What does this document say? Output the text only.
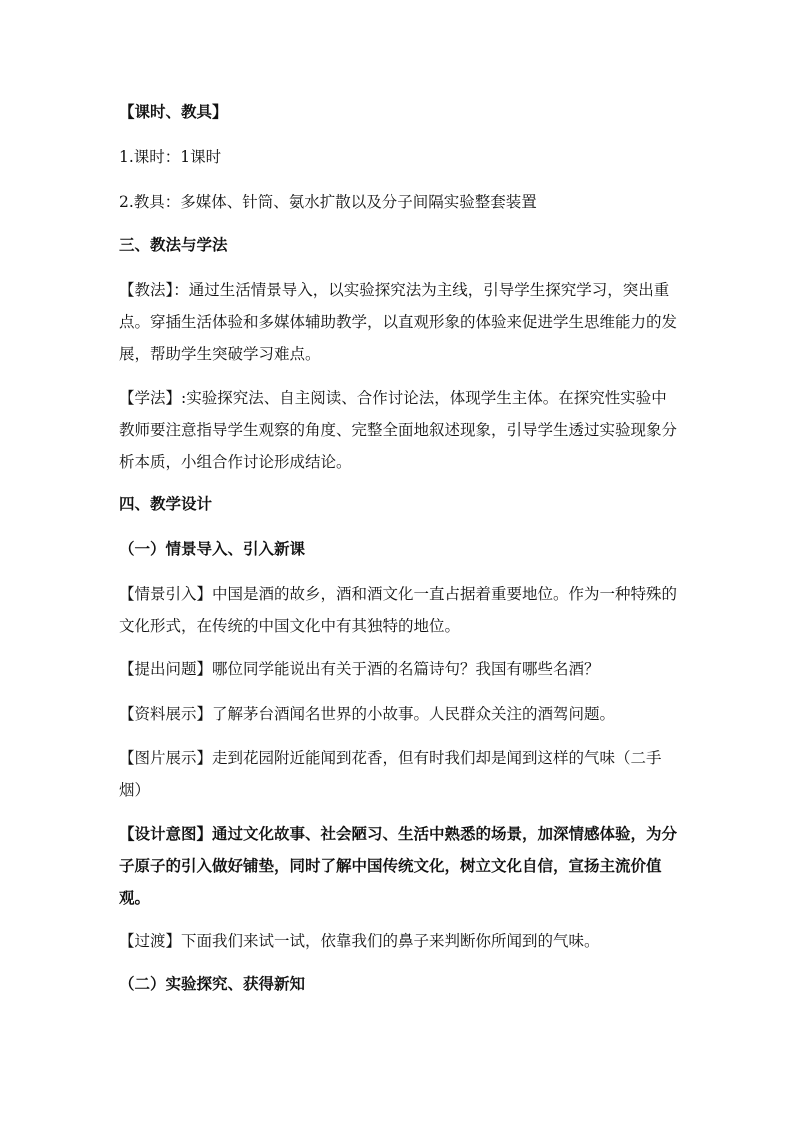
【课时、教具】

1.课时：1课时

2.教具：多媒体、针筒、氨水扩散以及分子间隔实验整套装置

三、教法与学法

【教法】：通过生活情景导入，以实验探究法为主线，引导学生探究学习，突出重点。穿插生活体验和多媒体辅助教学，以直观形象的体验来促进学生思维能力的发展，帮助学生突破学习难点。

【学法】:实验探究法、自主阅读、合作讨论法，体现学生主体。在探究性实验中教师要注意指导学生观察的角度、完整全面地叙述现象，引导学生透过实验现象分析本质，小组合作讨论形成结论。

四、教学设计

（一）情景导入、引入新课

【情景引入】中国是酒的故乡，酒和酒文化一直占据着重要地位。作为一种特殊的文化形式，在传统的中国文化中有其独特的地位。

【提出问题】哪位同学能说出有关于酒的名篇诗句？我国有哪些名酒？

【资料展示】了解茅台酒闻名世界的小故事。人民群众关注的酒驾问题。

【图片展示】走到花园附近能闻到花香，但有时我们却是闻到这样的气味（二手烟）

【设计意图】通过文化故事、社会陋习、生活中熟悉的场景，加深情感体验，为分子原子的引入做好铺垫，同时了解中国传统文化，树立文化自信，宣扬主流价值观。

【过渡】下面我们来试一试，依靠我们的鼻子来判断你所闻到的气味。

（二）实验探究、获得新知
